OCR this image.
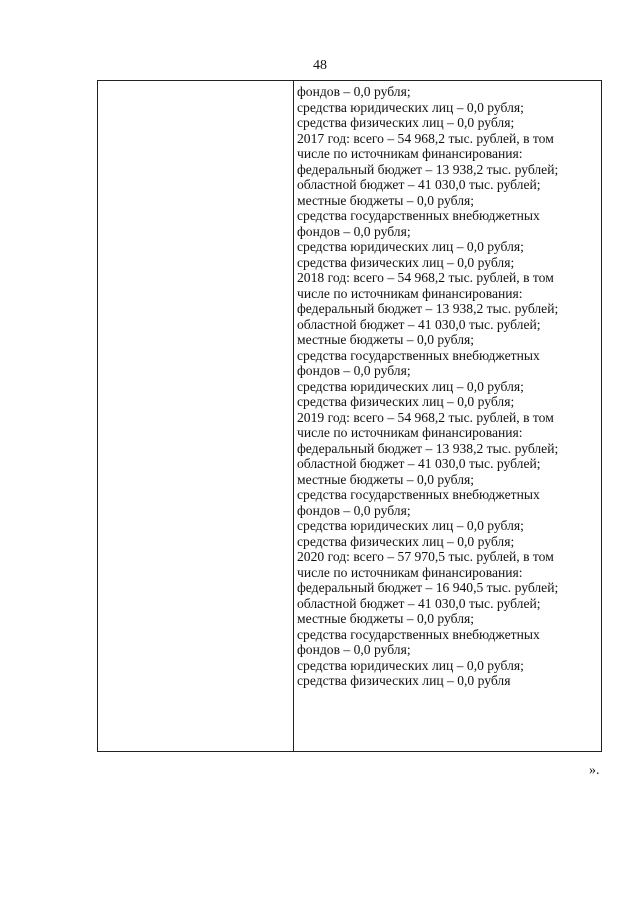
48
фондов – 0,0 рубля;
средства юридических лиц – 0,0 рубля;
средства физических лиц – 0,0 рубля;
2017 год: всего – 54 968,2 тыс. рублей, в том
числе по источникам финансирования:
федеральный бюджет – 13 938,2 тыс. рублей;
областной бюджет – 41 030,0 тыс. рублей;
местные бюджеты – 0,0 рубля;
средства государственных внебюджетных
фондов – 0,0 рубля;
средства юридических лиц – 0,0 рубля;
средства физических лиц – 0,0 рубля;
2018 год: всего – 54 968,2 тыс. рублей, в том
числе по источникам финансирования:
федеральный бюджет – 13 938,2 тыс. рублей;
областной бюджет – 41 030,0 тыс. рублей;
местные бюджеты – 0,0 рубля;
средства государственных внебюджетных
фондов – 0,0 рубля;
средства юридических лиц – 0,0 рубля;
средства физических лиц – 0,0 рубля;
2019 год: всего – 54 968,2 тыс. рублей, в том
числе по источникам финансирования:
федеральный бюджет – 13 938,2 тыс. рублей;
областной бюджет – 41 030,0 тыс. рублей;
местные бюджеты – 0,0 рубля;
средства государственных внебюджетных
фондов – 0,0 рубля;
средства юридических лиц – 0,0 рубля;
средства физических лиц – 0,0 рубля;
2020 год: всего – 57 970,5 тыс. рублей, в том
числе по источникам финансирования:
федеральный бюджет – 16 940,5 тыс. рублей;
областной бюджет – 41 030,0 тыс. рублей;
местные бюджеты – 0,0 рубля;
средства государственных внебюджетных
фондов – 0,0 рубля;
средства юридических лиц – 0,0 рубля;
средства физических лиц – 0,0 рубля
».
